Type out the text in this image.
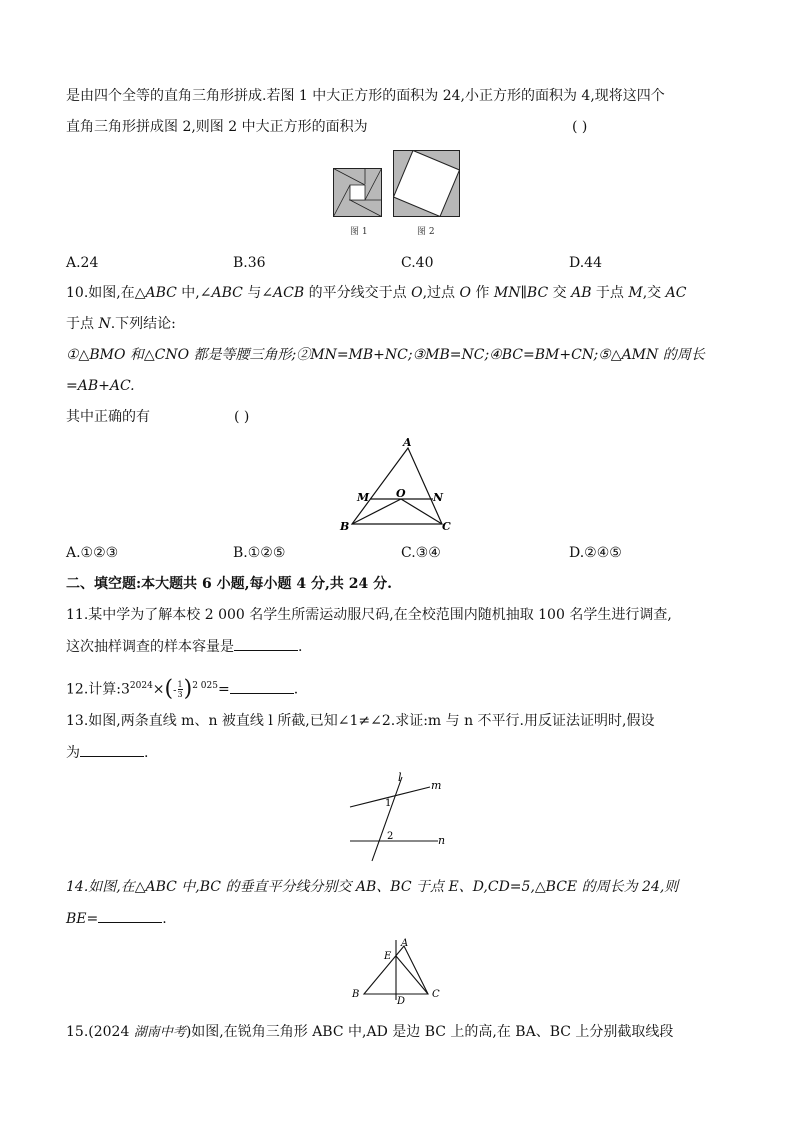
是由四个全等的直角三角形拼成.若图 1 中大正方形的面积为 24,小正方形的面积为 4,现将这四个
直角三角形拼成图 2,则图 2 中大正方形的面积为	( )
图 1	图 2
A.24	B.36	C.40	D.44
10.如图,在△ABC 中,∠ABC 与∠ACB 的平分线交于点 O,过点 O 作 MN∥BC 交 AB 于点 M,交 AC
于点 N.下列结论:
①△BMO 和△CNO 都是等腰三角形;②MN=MB+NC;③MB=NC;④BC=BM+CN;⑤△AMN 的周长
=AB+AC.
其中正确的有	( )
A
M O N
B	C
A.①②③	B.①②⑤	C.③④	D.②④⑤
二、填空题:本大题共 6 小题,每小题 4 分,共 24 分.
11.某中学为了解本校 2 000 名学生所需运动服尺码,在全校范围内随机抽取 100 名学生进行调查,
这次抽样调查的样本容量是	.
12.计算$:3^{2024}\times(- \frac{1}{3} )^{2 025}=$	.
13.如图,两条直线 m、n 被直线 l 所截,已知∠1≠∠2.求证:m 与 n 不平行.用反证法证明时,假设
为	.
l
m
n
1
2
14.如图,在△ABC 中,BC 的垂直平分线分别交 AB、BC 于点 E、D,CD=5,△BCE 的周长为 24,则
BE=	.
A
E
B
D
C
15.(2024 湖南中考)如图,在锐角三角形 ABC 中,AD 是边 BC 上的高,在 BA、BC 上分别截取线段
